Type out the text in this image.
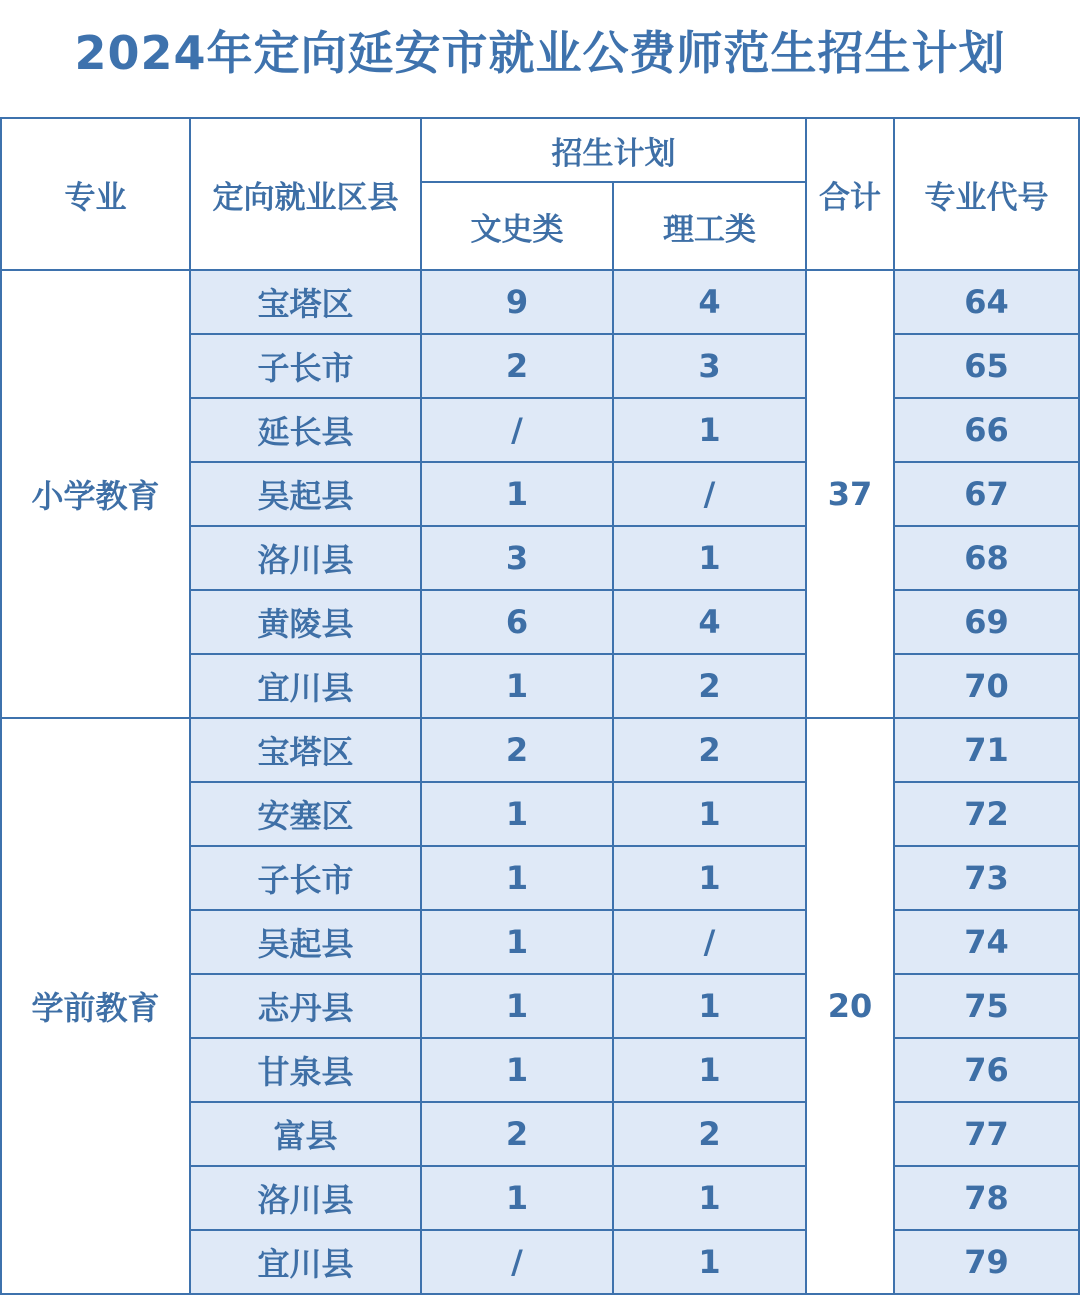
2024年定向延安市就业公费师范生招生计划
专业	定向就业区县	招生计划		合计	专业代号
		文史类	理工类		
小学教育	宝塔区	9	4	37	64
	子长市	2	3		65
	延长县	/	1		66
	吴起县	1	/		67
	洛川县	3	1		68
	黄陵县	6	4		69
	宜川县	1	2		70
学前教育	宝塔区	2	2	20	71
	安塞区	1	1		72
	子长市	1	1		73
	吴起县	1	/		74
	志丹县	1	1		75
	甘泉县	1	1		76
	富县	2	2		77
	洛川县	1	1		78
	宜川县	/	1		79
